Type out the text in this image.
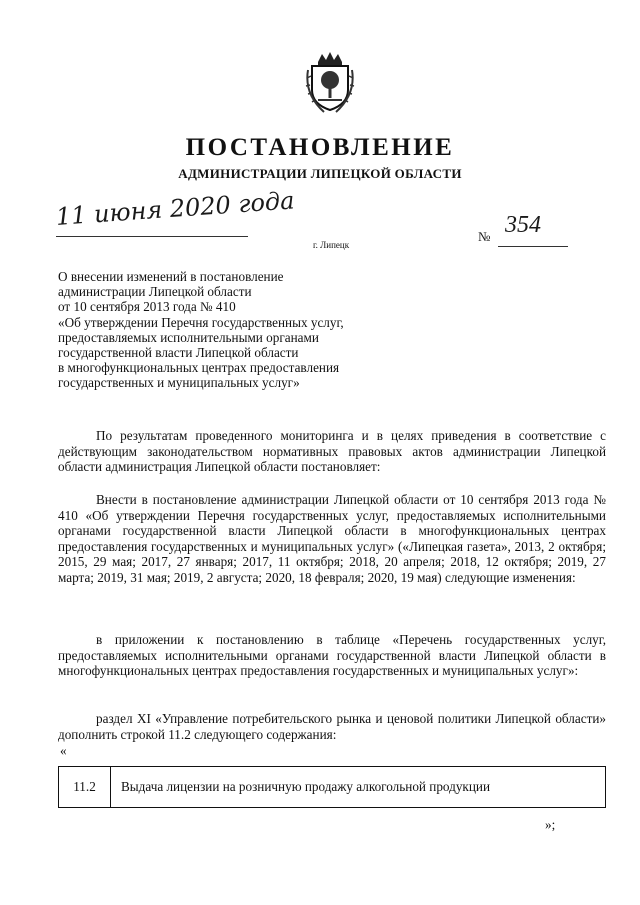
ПОСТАНОВЛЕНИЕ
АДМИНИСТРАЦИИ ЛИПЕЦКОЙ ОБЛАСТИ
11 июня 2020 года
г. Липецк
№ 354
О внесении изменений в постановление
администрации Липецкой области
от 10 сентября 2013 года № 410
«Об утверждении Перечня государственных услуг,
предоставляемых исполнительными органами
государственной власти Липецкой области
в многофункциональных центрах предоставления
государственных и муниципальных услуг»

По результатам проведенного мониторинга и в целях приведения в соответствие с действующим законодательством нормативных правовых актов администрации Липецкой области администрация Липецкой области постановляет:

Внести в постановление администрации Липецкой области от 10 сентября 2013 года № 410 «Об утверждении Перечня государственных услуг, предоставляемых исполнительными органами государственной власти Липецкой области в многофункциональных центрах предоставления государственных и муниципальных услуг» («Липецкая газета», 2013, 2 октября; 2015, 29 мая; 2017, 27 января; 2017, 11 октября; 2018, 20 апреля; 2018, 12 октября; 2019, 27 марта; 2019, 31 мая; 2019, 2 августа; 2020, 18 февраля; 2020, 19 мая) следующие изменения:

в приложении к постановлению в таблице «Перечень государственных услуг, предоставляемых исполнительными органами государственной власти Липецкой области в многофункциональных центрах предоставления государственных и муниципальных услуг»:

раздел XI «Управление потребительского рынка и ценовой политики Липецкой области» дополнить строкой 11.2 следующего содержания:

«
11.2	Выдача лицензии на розничную продажу алкогольной продукции
»;
